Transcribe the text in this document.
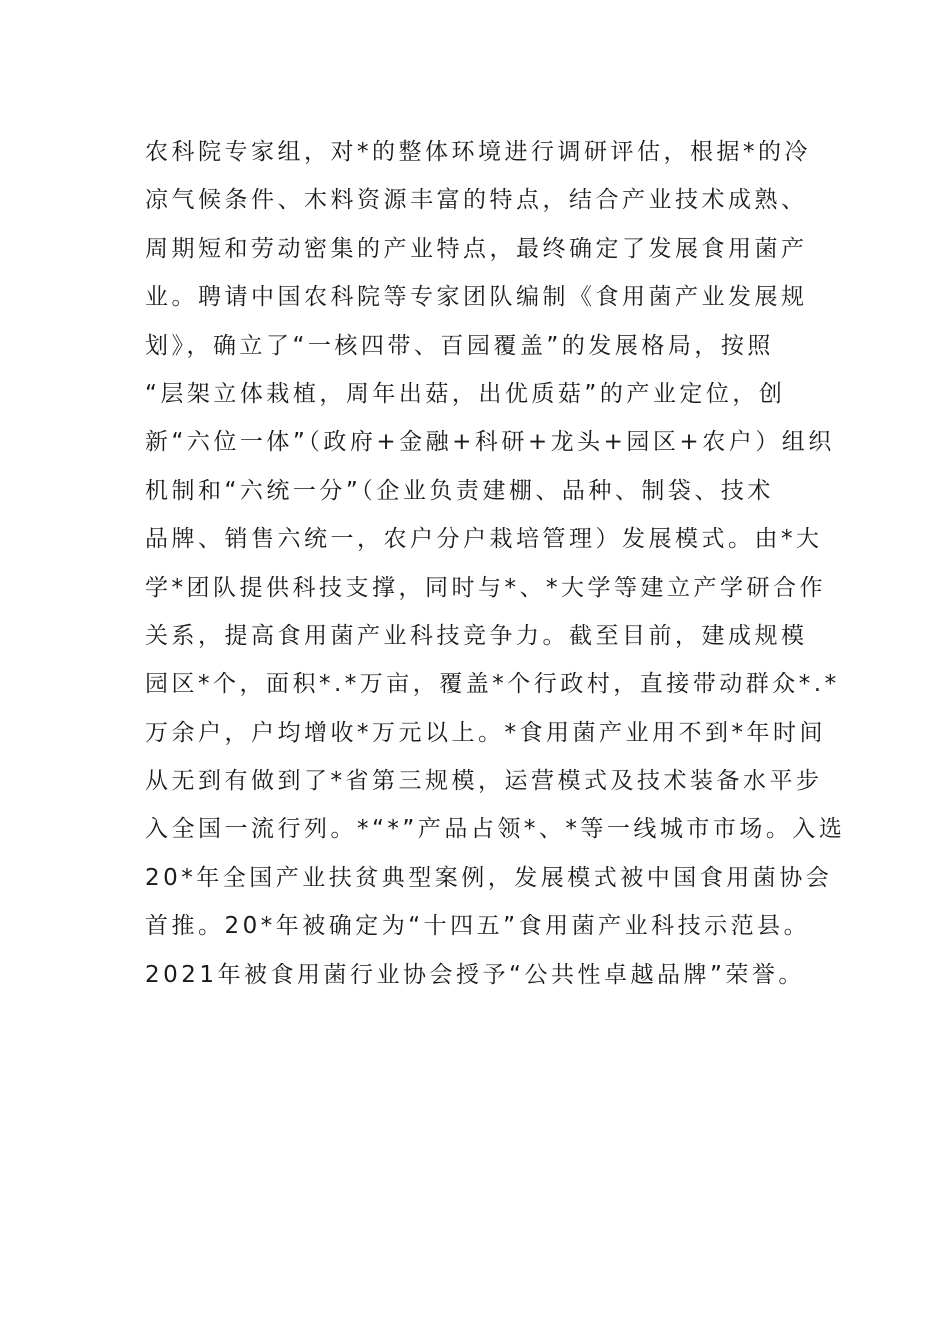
农科院专家组，对*的整体环境进行调研评估，根据*的冷
凉气候条件、木料资源丰富的特点，结合产业技术成熟、
周期短和劳动密集的产业特点，最终确定了发展食用菌产
业。聘请中国农科院等专家团队编制《食用菌产业发展规
划》，确立了“一核四带、百园覆盖”的发展格局，按照
“层架立体栽植，周年出菇，出优质菇”的产业定位，创
新“六位一体”（政府+金融+科研+龙头+园区+农户）组织
机制和“六统一分”（企业负责建棚、品种、制袋、技术
品牌、销售六统一，农户分户栽培管理）发展模式。由*大
学*团队提供科技支撑，同时与*、*大学等建立产学研合作
关系，提高食用菌产业科技竞争力。截至目前，建成规模
园区*个，面积*.*万亩，覆盖*个行政村，直接带动群众*.*
万余户，户均增收*万元以上。*食用菌产业用不到*年时间
从无到有做到了*省第三规模，运营模式及技术装备水平步
入全国一流行列。*“*”产品占领*、*等一线城市市场。入选
20*年全国产业扶贫典型案例，发展模式被中国食用菌协会
首推。20*年被确定为“十四五”食用菌产业科技示范县。
2021年被食用菌行业协会授予“公共性卓越品牌”荣誉。
